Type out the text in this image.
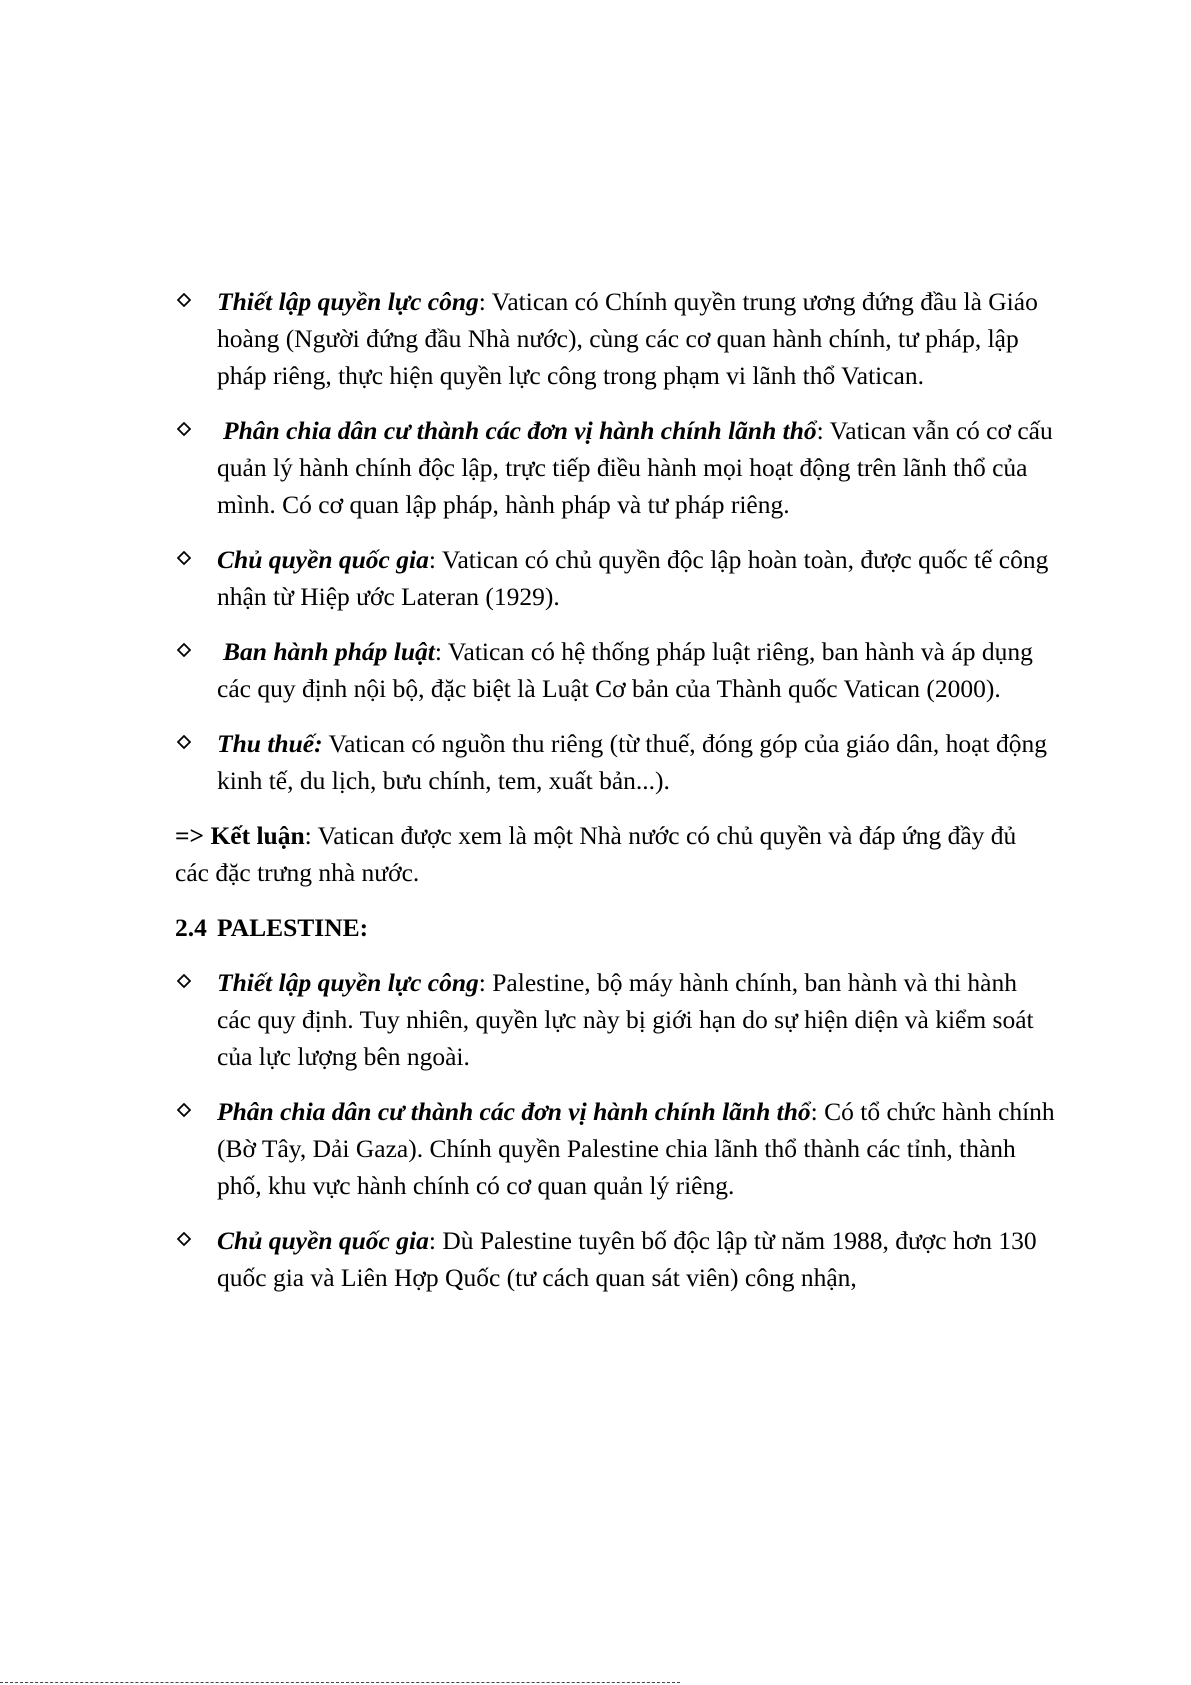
Thiết lập quyền lực công: Vatican có Chính quyền trung ương đứng đầu là Giáo hoàng (Người đứng đầu Nhà nước), cùng các cơ quan hành chính, tư pháp, lập pháp riêng, thực hiện quyền lực công trong phạm vi lãnh thổ Vatican.
Phân chia dân cư thành các đơn vị hành chính lãnh thổ: Vatican vẫn có cơ cấu quản lý hành chính độc lập, trực tiếp điều hành mọi hoạt động trên lãnh thổ của mình. Có cơ quan lập pháp, hành pháp và tư pháp riêng.
Chủ quyền quốc gia: Vatican có chủ quyền độc lập hoàn toàn, được quốc tế công nhận từ Hiệp ước Lateran (1929).
Ban hành pháp luật: Vatican có hệ thống pháp luật riêng, ban hành và áp dụng các quy định nội bộ, đặc biệt là Luật Cơ bản của Thành quốc Vatican (2000).
Thu thuế: Vatican có nguồn thu riêng (từ thuế, đóng góp của giáo dân, hoạt động kinh tế, du lịch, bưu chính, tem, xuất bản...).

=> Kết luận: Vatican được xem là một Nhà nước có chủ quyền và đáp ứng đầy đủ các đặc trưng nhà nước.

2.4 PALESTINE:

Thiết lập quyền lực công: Palestine, bộ máy hành chính, ban hành và thi hành các quy định. Tuy nhiên, quyền lực này bị giới hạn do sự hiện diện và kiểm soát của lực lượng bên ngoài.
Phân chia dân cư thành các đơn vị hành chính lãnh thổ: Có tổ chức hành chính (Bờ Tây, Dải Gaza). Chính quyền Palestine chia lãnh thổ thành các tỉnh, thành phố, khu vực hành chính có cơ quan quản lý riêng.
Chủ quyền quốc gia: Dù Palestine tuyên bố độc lập từ năm 1988, được hơn 130 quốc gia và Liên Hợp Quốc (tư cách quan sát viên) công nhận,
